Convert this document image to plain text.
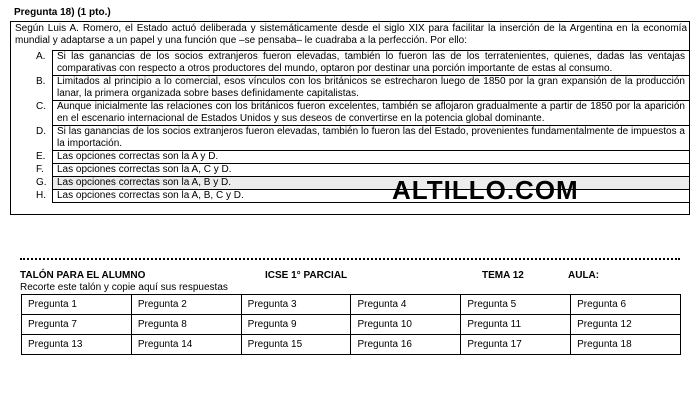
Pregunta 18) (1 pto.)
Según Luis A. Romero, el Estado actuó deliberada y sistemáticamente desde el siglo XIX para facilitar la inserción de la Argentina en la economía mundial y adaptarse a un papel y una función que –se pensaba– le cuadraba a la perfección. Por ello:
A.	Si las ganancias de los socios extranjeros fueron elevadas, también lo fueron las de los terratenientes, quienes, dadas las ventajas comparativas con respecto a otros productores del mundo, optaron por destinar una porción importante de estas al consumo.
B.	Limitados al principio a lo comercial, esos vínculos con los británicos se estrecharon luego de 1850 por la gran expansión de la producción lanar, la primera organizada sobre bases definidamente capitalistas.
C.	Aunque inicialmente las relaciones con los británicos fueron excelentes, también se aflojaron gradualmente a partir de 1850 por la aparición en el escenario internacional de Estados Unidos y sus deseos de convertirse en la potencia global dominante.
D.	Si las ganancias de los socios extranjeros fueron elevadas, también lo fueron las del Estado, provenientes fundamentalmente de impuestos a la importación.
E.	Las opciones correctas son la A y D.
F.	Las opciones correctas son la A, C y D.
G.	Las opciones correctas son la A, B y D.
H.	Las opciones correctas son la A, B, C y D.	ALTILLO.COM
TALÓN PARA EL ALUMNO	ICSE 1° PARCIAL	TEMA 12	AULA:
Recorte este talón y copie aquí sus respuestas
Pregunta 1	Pregunta 2	Pregunta 3	Pregunta 4	Pregunta 5	Pregunta 6
Pregunta 7	Pregunta 8	Pregunta 9	Pregunta 10	Pregunta 11	Pregunta 12
Pregunta 13	Pregunta 14	Pregunta 15	Pregunta 16	Pregunta 17	Pregunta 18
